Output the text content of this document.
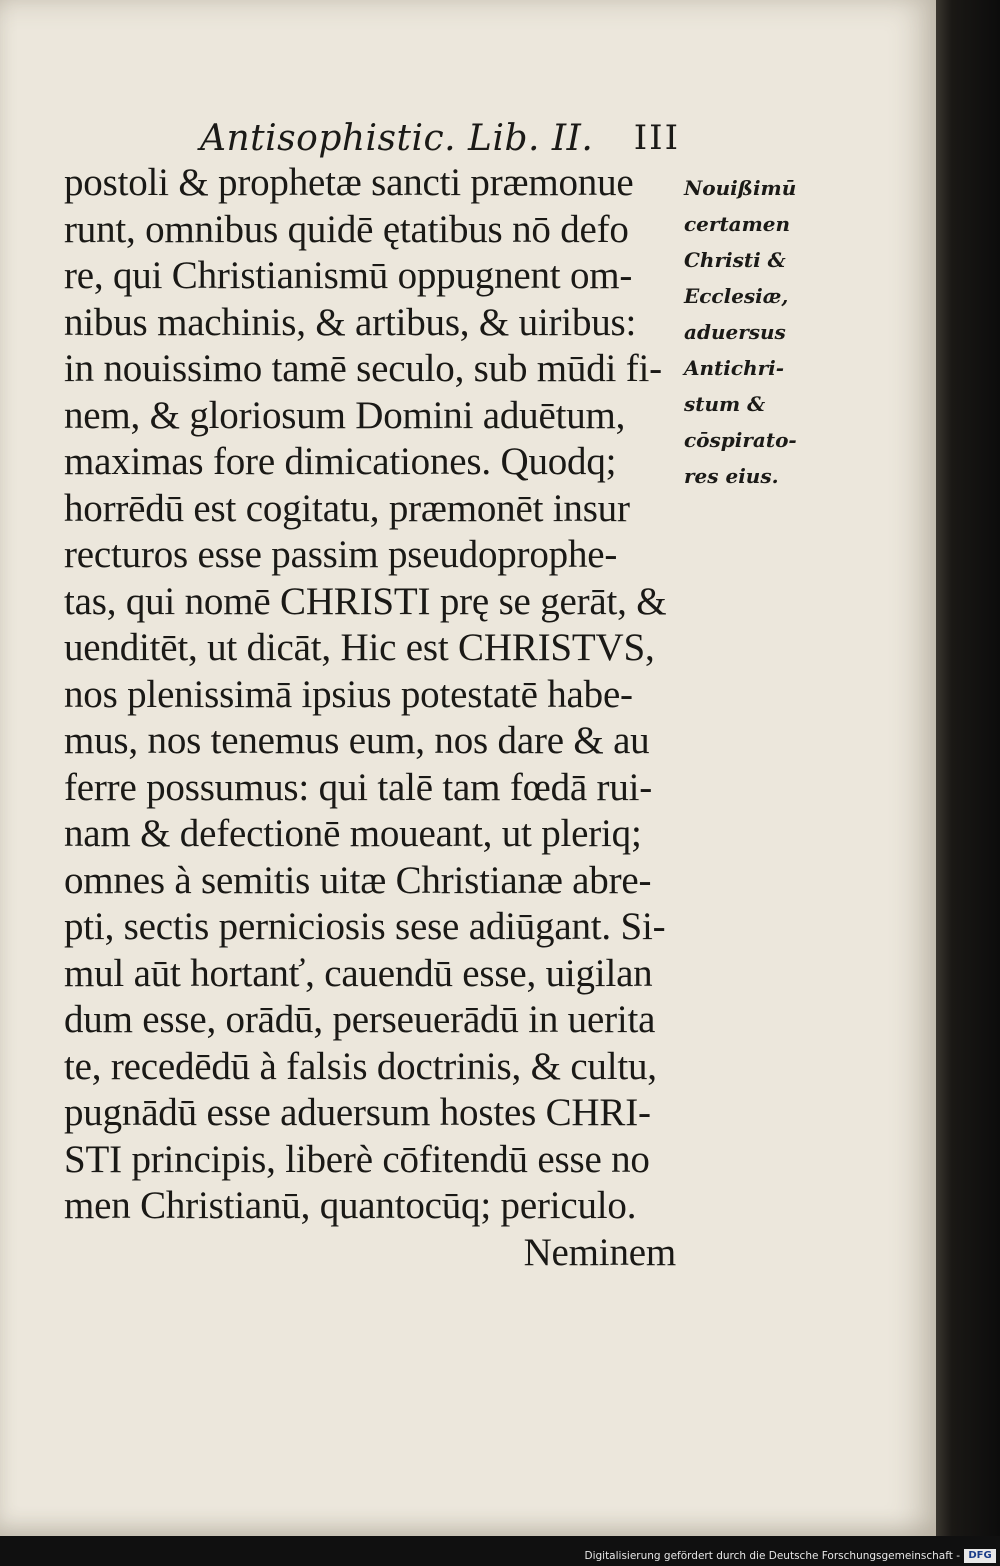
Antisophistic. Lib. II. III
postoli & prophetæ sancti præmonue
runt, omnibus quidē ętatibus nō defo
re, qui Christianismū oppugnent om-
nibus machinis, & artibus, & uiribus:
in nouissimo tamē seculo, sub mūdi fi-
nem, & gloriosum Domini aduētum,
maximas fore dimicationes. Quodq;
horrēdū est cogitatu, præmonēt insur
recturos esse passim pseudoprophe-
tas, qui nomē CHRISTI prę se gerāt, &
uenditēt, ut dicāt, Hic est CHRISTVS,
nos plenissimā ipsius potestatē habe-
mus, nos tenemus eum, nos dare & au
ferre possumus: qui talē tam fœdā rui-
nam & defectionē moueant, ut pleriq;
omnes à semitis uitæ Christianæ abre-
pti, sectis perniciosis sese adiūgant. Si-
mul aūt hortanť, cauendū esse, uigilan
dum esse, orādū, perseuerādū in uerita
te, recedēdū à falsis doctrinis, & cultu,
pugnādū esse aduersum hostes CHRI-
STI principis, liberè cōfitendū esse no
men Christianū, quantocūq; periculo.
Neminem
Nouißimū
certamen
Christi &
Ecclesiæ,
aduersus
Antichri-
stum &
cōspirato-
res eius.
Digitalisierung gefördert durch die Deutsche Forschungsgemeinschaft - DFG
